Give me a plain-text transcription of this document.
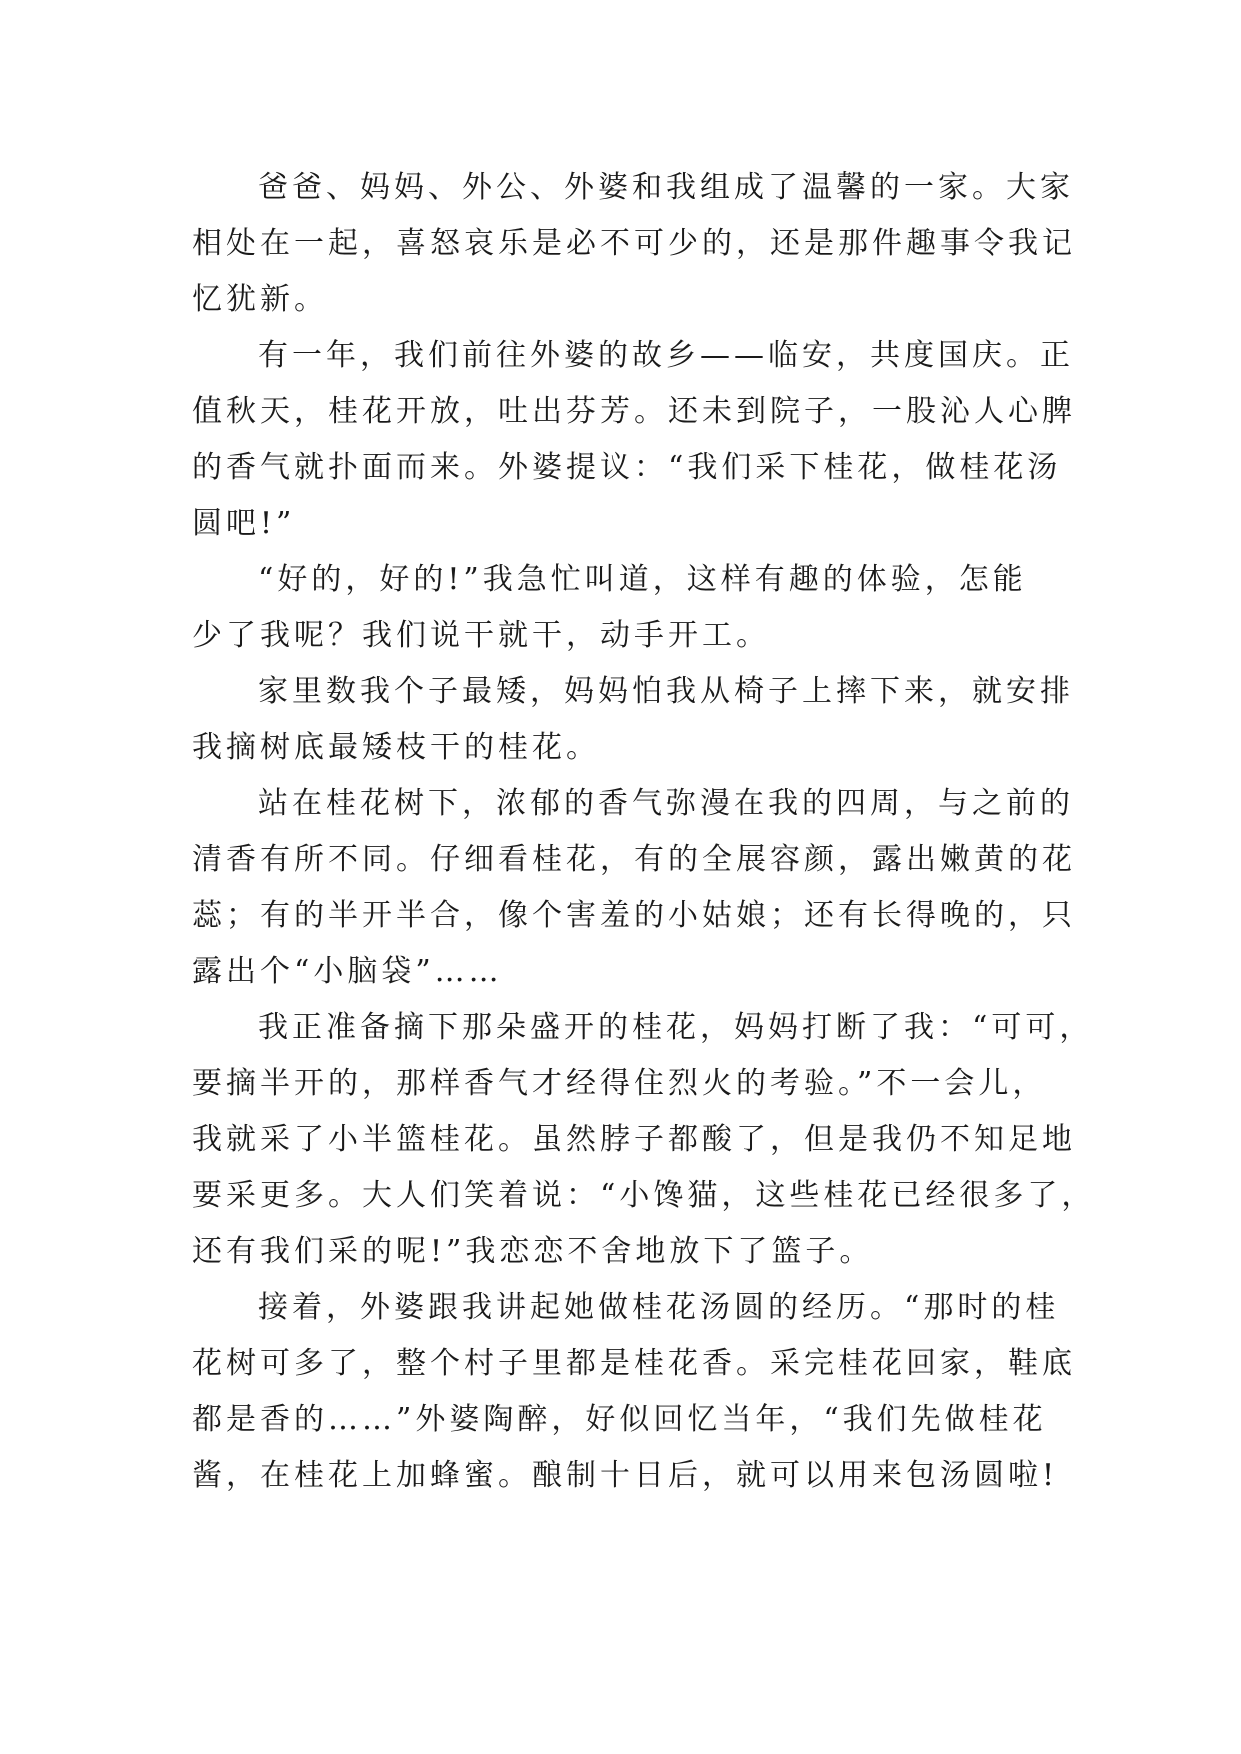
爸爸、妈妈、外公、外婆和我组成了温馨的一家。大家
相处在一起，喜怒哀乐是必不可少的，还是那件趣事令我记
忆犹新。
有一年，我们前往外婆的故乡——临安，共度国庆。正
值秋天，桂花开放，吐出芬芳。还未到院子，一股沁人心脾
的香气就扑面而来。外婆提议：“我们采下桂花，做桂花汤
圆吧!”
“好的，好的!”我急忙叫道，这样有趣的体验，怎能
少了我呢？我们说干就干，动手开工。
家里数我个子最矮，妈妈怕我从椅子上摔下来，就安排
我摘树底最矮枝干的桂花。
站在桂花树下，浓郁的香气弥漫在我的四周，与之前的
清香有所不同。仔细看桂花，有的全展容颜，露出嫩黄的花
蕊；有的半开半合，像个害羞的小姑娘；还有长得晚的，只
露出个“小脑袋”……
我正准备摘下那朵盛开的桂花，妈妈打断了我：“可可，
要摘半开的，那样香气才经得住烈火的考验。”不一会儿，
我就采了小半篮桂花。虽然脖子都酸了，但是我仍不知足地
要采更多。大人们笑着说：“小馋猫，这些桂花已经很多了，
还有我们采的呢!”我恋恋不舍地放下了篮子。
接着，外婆跟我讲起她做桂花汤圆的经历。“那时的桂
花树可多了，整个村子里都是桂花香。采完桂花回家，鞋底
都是香的……”外婆陶醉，好似回忆当年，“我们先做桂花
酱，在桂花上加蜂蜜。酿制十日后，就可以用来包汤圆啦!
